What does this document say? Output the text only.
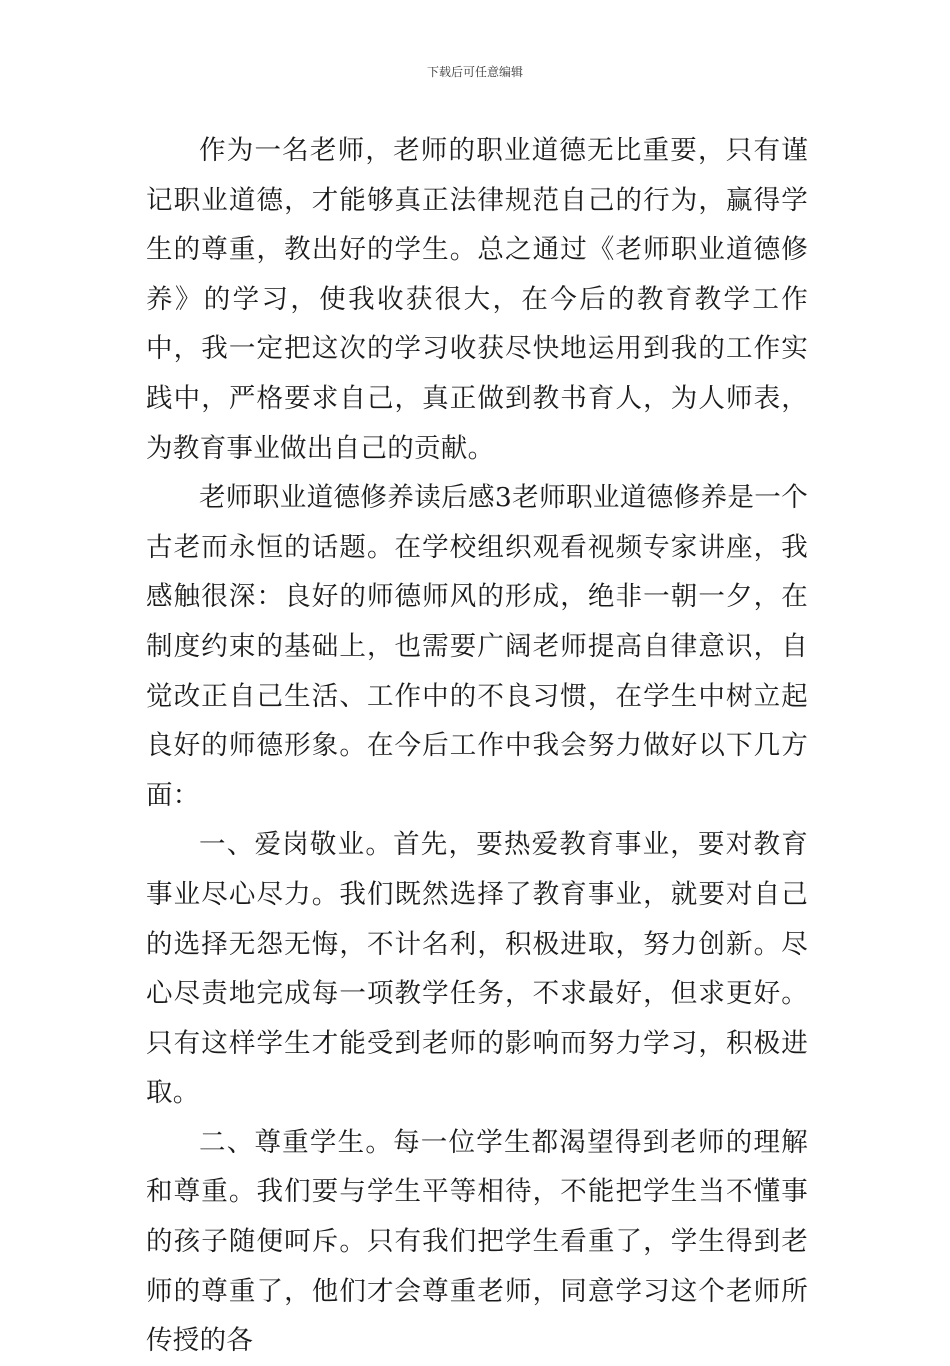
下载后可任意编辑

作为一名老师，老师的职业道德无比重要，只有谨记职业道德，才能够真正法律规范自己的行为，赢得学生的尊重，教出好的学生。总之通过《老师职业道德修养》的学习，使我收获很大，在今后的教育教学工作中，我一定把这次的学习收获尽快地运用到我的工作实践中，严格要求自己，真正做到教书育人，为人师表，为教育事业做出自己的贡献。

老师职业道德修养读后感3老师职业道德修养是一个古老而永恒的话题。在学校组织观看视频专家讲座，我感触很深：良好的师德师风的形成，绝非一朝一夕，在制度约束的基础上，也需要广阔老师提高自律意识，自觉改正自己生活、工作中的不良习惯，在学生中树立起良好的师德形象。在今后工作中我会努力做好以下几方面：

一、爱岗敬业。首先，要热爱教育事业，要对教育事业尽心尽力。我们既然选择了教育事业，就要对自己的选择无怨无悔，不计名利，积极进取，努力创新。尽心尽责地完成每一项教学任务，不求最好，但求更好。只有这样学生才能受到老师的影响而努力学习，积极进取。

二、尊重学生。每一位学生都渴望得到老师的理解和尊重。我们要与学生平等相待，不能把学生当不懂事的孩子随便呵斥。只有我们把学生看重了，学生得到老师的尊重了，他们才会尊重老师，同意学习这个老师所传授的各
